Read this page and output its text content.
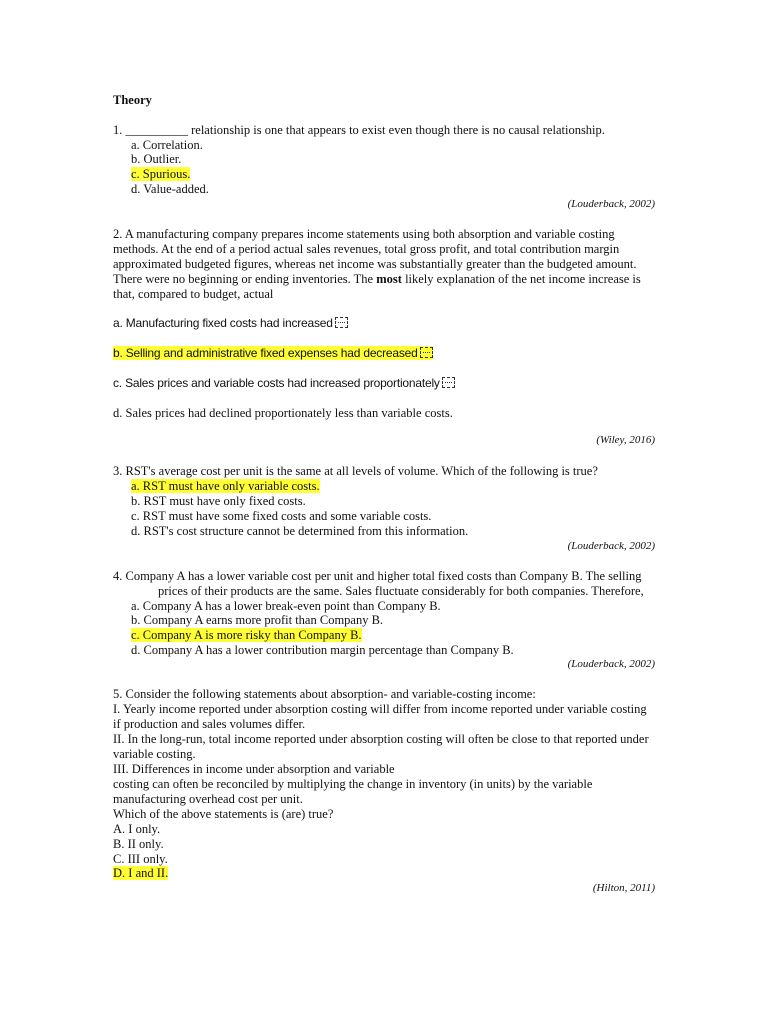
Theory
1. __________ relationship is one that appears to exist even though there is no causal relationship.
a. Correlation.
b. Outlier.
c. Spurious.
d. Value-added.
(Louderback, 2002)
2. A manufacturing company prepares income statements using both absorption and variable costing
methods. At the end of a period actual sales revenues, total gross profit, and total contribution margin
approximated budgeted figures, whereas net income was substantially greater than the budgeted amount.
There were no beginning or ending inventories. The most likely explanation of the net income increase is
that, compared to budget, actual
a. Manufacturing fixed costs had increased
b. Selling and administrative fixed expenses had decreased
c. Sales prices and variable costs had increased proportionately
d. Sales prices had declined proportionately less than variable costs.
(Wiley, 2016)
3. RST's average cost per unit is the same at all levels of volume. Which of the following is true?
a. RST must have only variable costs.
b. RST must have only fixed costs.
c. RST must have some fixed costs and some variable costs.
d. RST's cost structure cannot be determined from this information.
(Louderback, 2002)
4. Company A has a lower variable cost per unit and higher total fixed costs than Company B. The selling
prices of their products are the same. Sales fluctuate considerably for both companies. Therefore,
a. Company A has a lower break-even point than Company B.
b. Company A earns more profit than Company B.
c. Company A is more risky than Company B.
d. Company A has a lower contribution margin percentage than Company B.
(Louderback, 2002)
5. Consider the following statements about absorption- and variable-costing income:
I. Yearly income reported under absorption costing will differ from income reported under variable costing
if production and sales volumes differ.
II. In the long-run, total income reported under absorption costing will often be close to that reported under
variable costing.
III. Differences in income under absorption and variable
costing can often be reconciled by multiplying the change in inventory (in units) by the variable
manufacturing overhead cost per unit.
Which of the above statements is (are) true?
A. I only.
B. II only.
C. III only.
D. I and II.
(Hilton, 2011)
